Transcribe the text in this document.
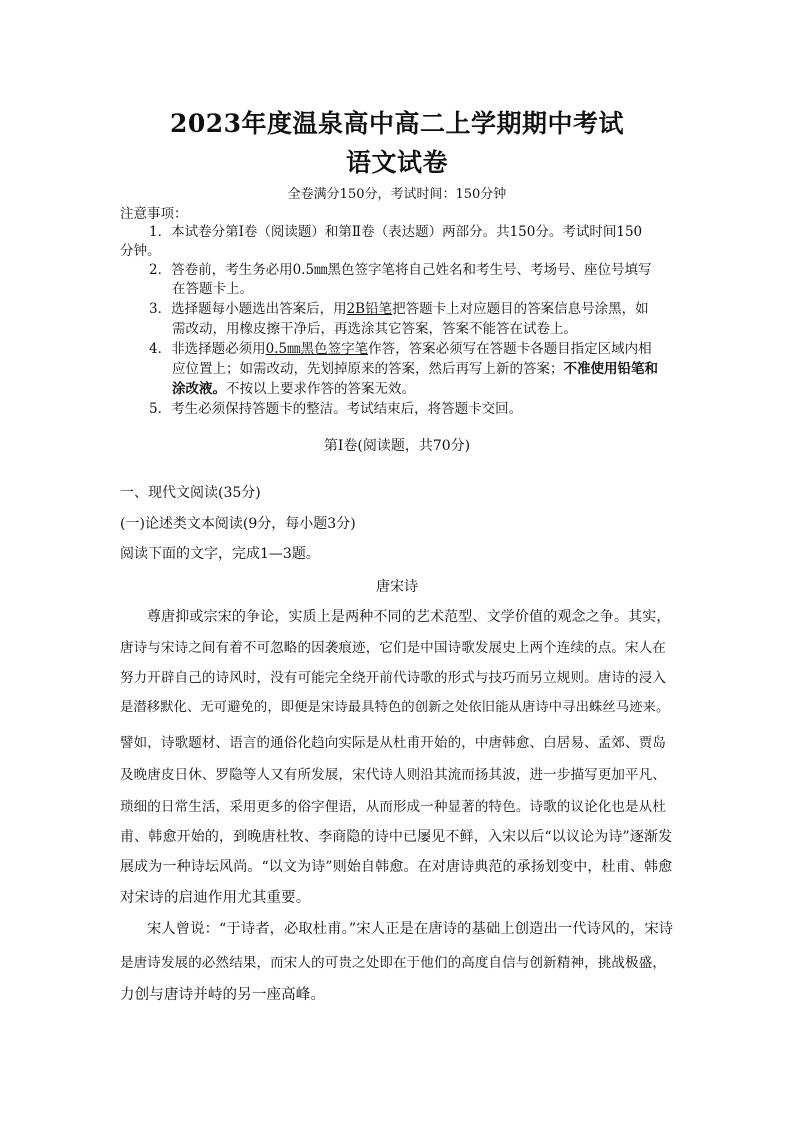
2023年度温泉高中高二上学期期中考试
语文试卷
全卷满分150分，考试时间：150分钟
注意事项：
1．本试卷分第Ⅰ卷（阅读题）和第Ⅱ卷（表达题）两部分。共150分。考试时间150
分钟。
2．答卷前，考生务必用0.5㎜黑色签字笔将自己姓名和考生号、考场号、座位号填写
在答题卡上。
3．选择题每小题选出答案后，用2B铅笔把答题卡上对应题目的答案信息号涂黑，如
需改动，用橡皮擦干净后，再选涂其它答案，答案不能答在试卷上。
4．非选择题必须用0.5㎜黑色签字笔作答，答案必须写在答题卡各题目指定区域内相
应位置上；如需改动，先划掉原来的答案，然后再写上新的答案；不准使用铅笔和
涂改液。不按以上要求作答的答案无效。
5．考生必须保持答题卡的整洁。考试结束后，将答题卡交回。
第Ⅰ卷(阅读题，共70分)
一、现代文阅读(35分)
(一)论述类文本阅读(9分，每小题3分)
阅读下面的文字，完成1—3题。
唐宋诗
尊唐抑或宗宋的争论，实质上是两种不同的艺术范型、文学价值的观念之争。其实，
唐诗与宋诗之间有着不可忽略的因袭痕迹，它们是中国诗歌发展史上两个连续的点。宋人在
努力开辟自己的诗风时，没有可能完全绕开前代诗歌的形式与技巧而另立规则。唐诗的浸入
是潜移默化、无可避免的，即便是宋诗最具特色的创新之处依旧能从唐诗中寻出蛛丝马迹来。
譬如，诗歌题材、语言的通俗化趋向实际是从杜甫开始的，中唐韩愈、白居易、孟郊、贾岛
及晚唐皮日休、罗隐等人又有所发展，宋代诗人则沿其流而扬其波，进一步描写更加平凡、
琐细的日常生活，采用更多的俗字俚语，从而形成一种显著的特色。诗歌的议论化也是从杜
甫、韩愈开始的，到晚唐杜牧、李商隐的诗中已屡见不鲜，入宋以后“以议论为诗”逐渐发
展成为一种诗坛风尚。“以文为诗”则始自韩愈。在对唐诗典范的承扬划变中，杜甫、韩愈
对宋诗的启迪作用尤其重要。
宋人曾说：“于诗者，必取杜甫。”宋人正是在唐诗的基础上创造出一代诗风的，宋诗
是唐诗发展的必然结果，而宋人的可贵之处即在于他们的高度自信与创新精神，挑战极盛，
力创与唐诗并峙的另一座高峰。
